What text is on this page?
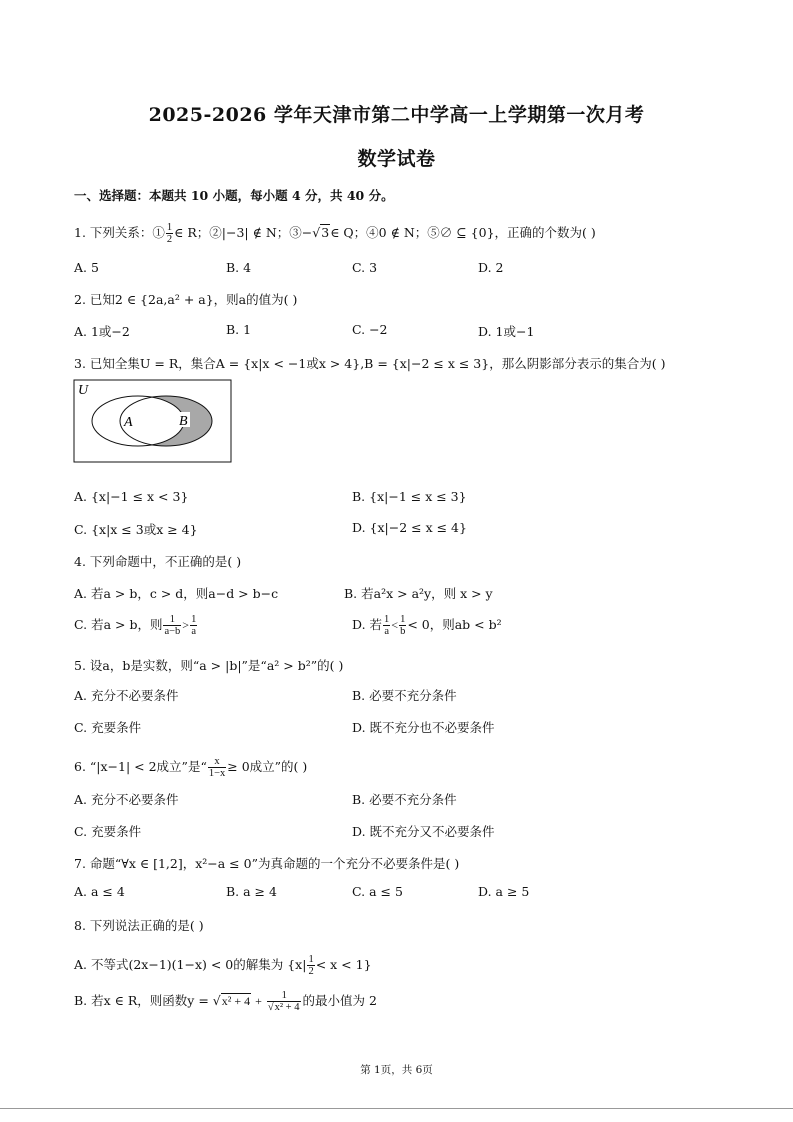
2025-2026 学年天津市第二中学高一上学期第一次月考
数学试卷
一、选择题：本题共 10 小题，每小题 4 分，共 40 分。
1. 下列关系：① $\frac{1}{2}$ ∈ R；②|−3| ∉ N；③−√3∈ Q；④0 ∉ N；⑤∅ ⊆ {0}，正确的个数为( )
A. 5	B. 4	C. 3	D. 2
2. 已知2 ∈ {2a,a² + a}，则a的值为( )
A. 1或−2	B. 1	C. −2	D. 1或−1
3. 已知全集U = R，集合A = {x|x < −1或x > 4},B = {x|−2 ≤ x ≤ 3}，那么阴影部分表示的集合为( )
U
A	B
A. {x|−1 ≤ x < 3}	B. {x|−1 ≤ x ≤ 3}
C. {x|x ≤ 3或x ≥ 4}	D. {x|−2 ≤ x ≤ 4}
4. 下列命题中，不正确的是( )
A. 若a > b，c > d，则a−d > b−c	B. 若a²x > a²y，则 x > y
C. 若a > b，则 $\frac{1}{a-b} > \frac{1}{a}$	D. 若 $\frac{1}{a} < \frac{1}{b} < 0$，则ab < b²
5. 设a，b是实数，则“a > |b|”是“a² > b²”的( )
A. 充分不必要条件	B. 必要不充分条件
C. 充要条件	D. 既不充分也不必要条件
6. “|x−1| < 2成立”是“ $\frac{x}{1-x} \ge 0$成立”的( )
A. 充分不必要条件	B. 必要不充分条件
C. 充要条件	D. 既不充分又不必要条件
7. 命题“∀x ∈ [1,2]，x²−a ≤ 0”为真命题的一个充分不必要条件是( )
A. a ≤ 4	B. a ≥ 4	C. a ≤ 5	D. a ≥ 5
8. 下列说法正确的是( )
A. 不等式(2x−1)(1−x) < 0的解集为 $\{x| \frac{1}{2} < x < 1\}$
B. 若x ∈ R，则函数$y = √x^2 + 4 + \frac{1}{\text{√x² + 4}}$ 的最小值为 2
第 1页，共 6页
